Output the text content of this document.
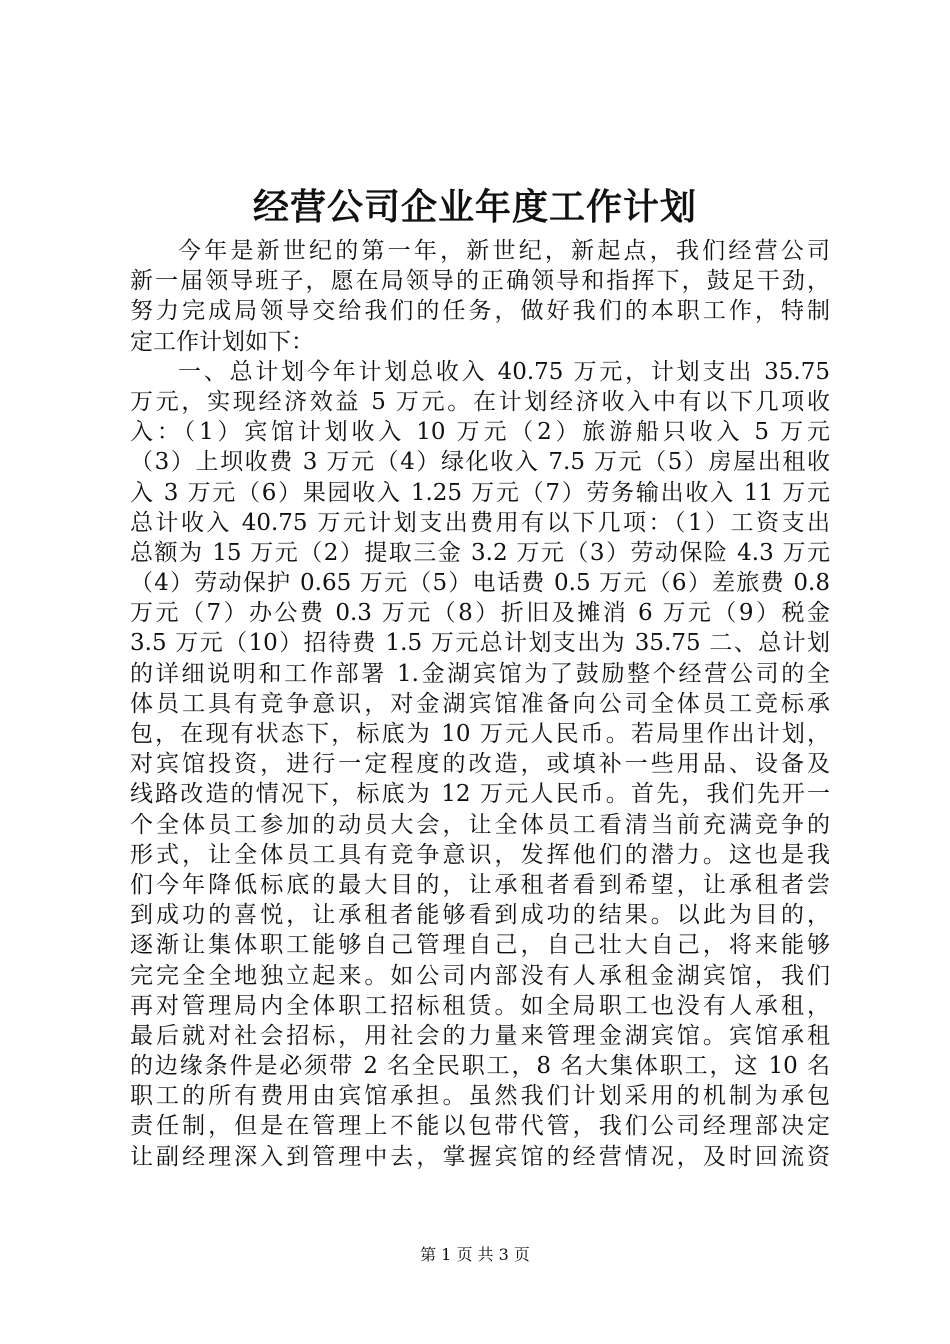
经营公司企业年度工作计划
今年是新世纪的第一年，新世纪，新起点，我们经营公司
新一届领导班子，愿在局领导的正确领导和指挥下，鼓足干劲，
努力完成局领导交给我们的任务，做好我们的本职工作，特制
定工作计划如下：
一、总计划今年计划总收入 40.75 万元，计划支出 35.75
万元，实现经济效益 5 万元。在计划经济收入中有以下几项收
入：（1）宾馆计划收入 10 万元（2）旅游船只收入 5 万元
（3）上坝收费 3 万元（4）绿化收入 7.5 万元（5）房屋出租收
入 3 万元（6）果园收入 1.25 万元（7）劳务输出收入 11 万元
总计收入 40.75 万元计划支出费用有以下几项：（1）工资支出
总额为 15 万元（2）提取三金 3.2 万元（3）劳动保险 4.3 万元
（4）劳动保护 0.65 万元（5）电话费 0.5 万元（6）差旅费 0.8
万元（7）办公费 0.3 万元（8）折旧及摊消 6 万元（9）税金
3.5 万元（10）招待费 1.5 万元总计划支出为 35.75 二、总计划
的详细说明和工作部署 1.金湖宾馆为了鼓励整个经营公司的全
体员工具有竞争意识，对金湖宾馆准备向公司全体员工竞标承
包，在现有状态下，标底为 10 万元人民币。若局里作出计划，
对宾馆投资，进行一定程度的改造，或填补一些用品、设备及
线路改造的情况下，标底为 12 万元人民币。首先，我们先开一
个全体员工参加的动员大会，让全体员工看清当前充满竞争的
形式，让全体员工具有竞争意识，发挥他们的潜力。这也是我
们今年降低标底的最大目的，让承租者看到希望，让承租者尝
到成功的喜悦，让承租者能够看到成功的结果。以此为目的，
逐渐让集体职工能够自己管理自己，自己壮大自己，将来能够
完完全全地独立起来。如公司内部没有人承租金湖宾馆，我们
再对管理局内全体职工招标租赁。如全局职工也没有人承租，
最后就对社会招标，用社会的力量来管理金湖宾馆。宾馆承租
的边缘条件是必须带 2 名全民职工，8 名大集体职工，这 10 名
职工的所有费用由宾馆承担。虽然我们计划采用的机制为承包
责任制，但是在管理上不能以包带代管，我们公司经理部决定
让副经理深入到管理中去，掌握宾馆的经营情况，及时回流资
第 1 页 共 3 页
